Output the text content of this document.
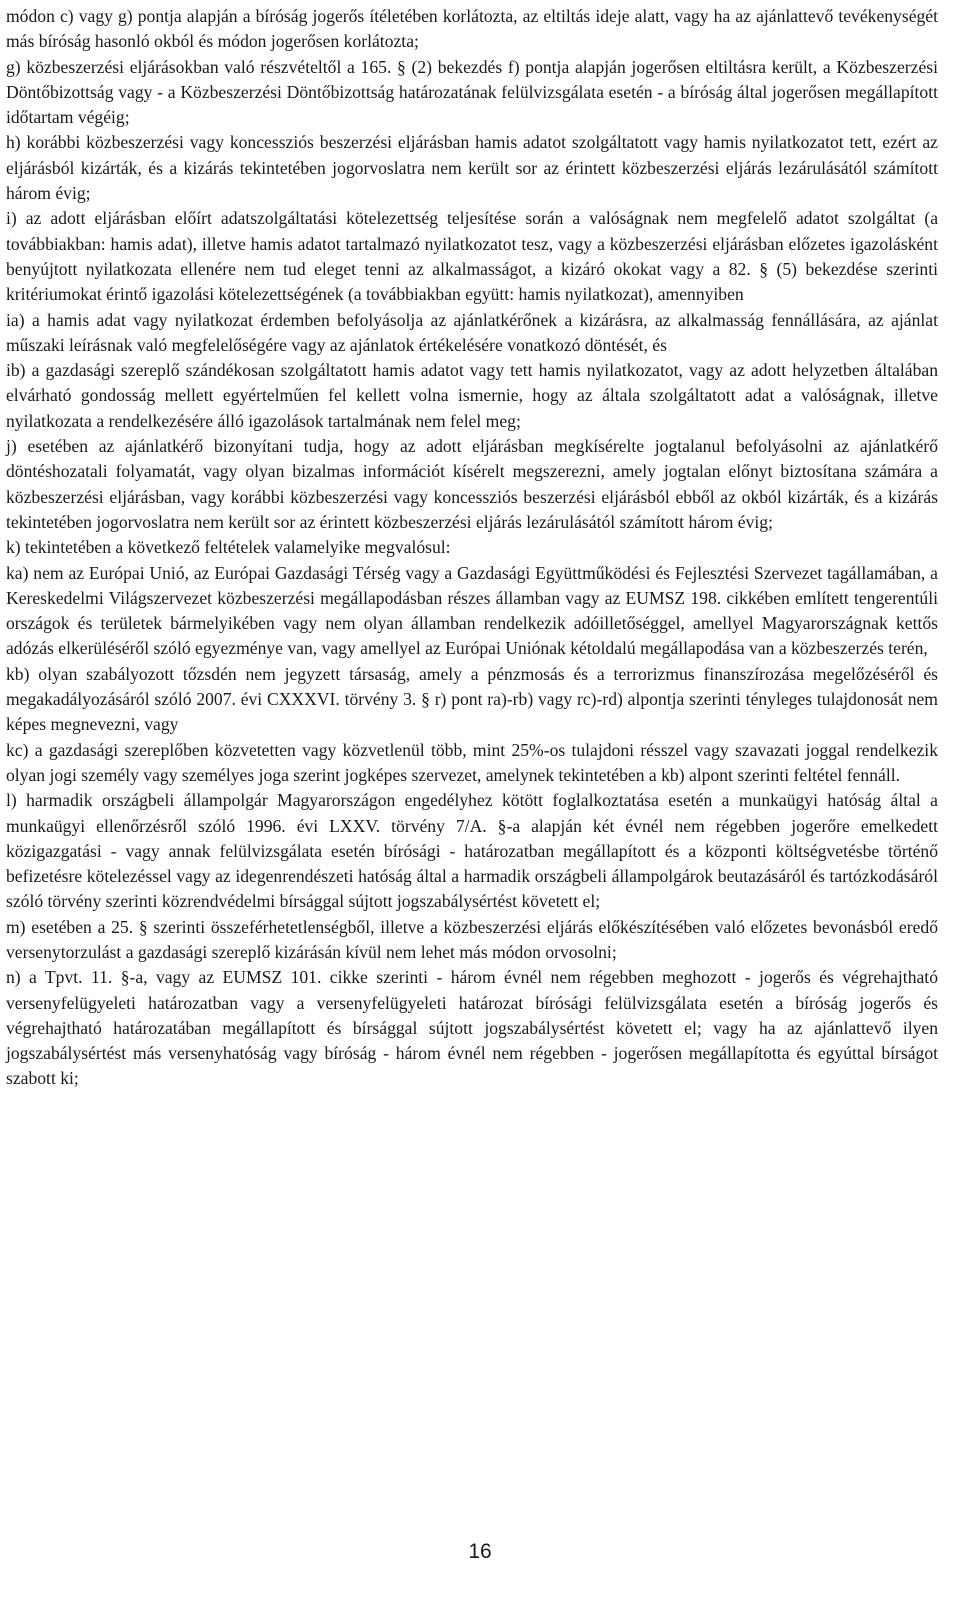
módon c) vagy g) pontja alapján a bíróság jogerős ítéletében korlátozta, az eltiltás ideje alatt, vagy ha az ajánlattevő tevékenységét más bíróság hasonló okból és módon jogerősen korlátozta;

g) közbeszerzési eljárásokban való részvételtől a 165. § (2) bekezdés f) pontja alapján jogerősen eltiltásra került, a Közbeszerzési Döntőbizottság vagy - a Közbeszerzési Döntőbizottság határozatának felülvizsgálata esetén - a bíróság által jogerősen megállapított időtartam végéig;

h) korábbi közbeszerzési vagy koncessziós beszerzési eljárásban hamis adatot szolgáltatott vagy hamis nyilatkozatot tett, ezért az eljárásból kizárták, és a kizárás tekintetében jogorvoslatra nem került sor az érintett közbeszerzési eljárás lezárulásától számított három évig;

i) az adott eljárásban előírt adatszolgáltatási kötelezettség teljesítése során a valóságnak nem megfelelő adatot szolgáltat (a továbbiakban: hamis adat), illetve hamis adatot tartalmazó nyilatkozatot tesz, vagy a közbeszerzési eljárásban előzetes igazolásként benyújtott nyilatkozata ellenére nem tud eleget tenni az alkalmasságot, a kizáró okokat vagy a 82. § (5) bekezdése szerinti kritériumokat érintő igazolási kötelezettségének (a továbbiakban együtt: hamis nyilatkozat), amennyiben

ia) a hamis adat vagy nyilatkozat érdemben befolyásolja az ajánlatkérőnek a kizárásra, az alkalmasság fennállására, az ajánlat műszaki leírásnak való megfelelőségére vagy az ajánlatok értékelésére vonatkozó döntését, és

ib) a gazdasági szereplő szándékosan szolgáltatott hamis adatot vagy tett hamis nyilatkozatot, vagy az adott helyzetben általában elvárható gondosság mellett egyértelműen fel kellett volna ismernie, hogy az általa szolgáltatott adat a valóságnak, illetve nyilatkozata a rendelkezésére álló igazolások tartalmának nem felel meg;

j) esetében az ajánlatkérő bizonyítani tudja, hogy az adott eljárásban megkísérelte jogtalanul befolyásolni az ajánlatkérő döntéshozatali folyamatát, vagy olyan bizalmas információt kísérelt megszerezni, amely jogtalan előnyt biztosítana számára a közbeszerzési eljárásban, vagy korábbi közbeszerzési vagy koncessziós beszerzési eljárásból ebből az okból kizárták, és a kizárás tekintetében jogorvoslatra nem került sor az érintett közbeszerzési eljárás lezárulásától számított három évig;

k) tekintetében a következő feltételek valamelyike megvalósul:

ka) nem az Európai Unió, az Európai Gazdasági Térség vagy a Gazdasági Együttműködési és Fejlesztési Szervezet tagállamában, a Kereskedelmi Világszervezet közbeszerzési megállapodásban részes államban vagy az EUMSZ 198. cikkében említett tengerentúli országok és területek bármelyikében vagy nem olyan államban rendelkezik adóilletőséggel, amellyel Magyarországnak kettős adózás elkerüléséről szóló egyezménye van, vagy amellyel az Európai Uniónak kétoldalú megállapodása van a közbeszerzés terén,

kb) olyan szabályozott tőzsdén nem jegyzett társaság, amely a pénzmosás és a terrorizmus finanszírozása megelőzéséről és megakadályozásáról szóló 2007. évi CXXXVI. törvény 3. § r) pont ra)-rb) vagy rc)-rd) alpontja szerinti tényleges tulajdonosát nem képes megnevezni, vagy

kc) a gazdasági szereplőben közvetetten vagy közvetlenül több, mint 25%-os tulajdoni résszel vagy szavazati joggal rendelkezik olyan jogi személy vagy személyes joga szerint jogképes szervezet, amelynek tekintetében a kb) alpont szerinti feltétel fennáll.

l) harmadik országbeli állampolgár Magyarországon engedélyhez kötött foglalkoztatása esetén a munkaügyi hatóság által a munkaügyi ellenőrzésről szóló 1996. évi LXXV. törvény 7/A. §-a alapján két évnél nem régebben jogerőre emelkedett közigazgatási - vagy annak felülvizsgálata esetén bírósági - határozatban megállapított és a központi költségvetésbe történő befizetésre kötelezéssel vagy az idegenrendészeti hatóság által a harmadik országbeli állampolgárok beutazásáról és tartózkodásáról szóló törvény szerinti közrendvédelmi bírsággal sújtott jogszabálysértést követett el;

m) esetében a 25. § szerinti összeférhetetlenségből, illetve a közbeszerzési eljárás előkészítésében való előzetes bevonásból eredő versenytorzulást a gazdasági szereplő kizárásán kívül nem lehet más módon orvosolni;

n) a Tpvt. 11. §-a, vagy az EUMSZ 101. cikke szerinti - három évnél nem régebben meghozott - jogerős és végrehajtható versenyfelügyeleti határozatban vagy a versenyfelügyeleti határozat bírósági felülvizsgálata esetén a bíróság jogerős és végrehajtható határozatában megállapított és bírsággal sújtott jogszabálysértést követett el; vagy ha az ajánlattevő ilyen jogszabálysértést más versenyhatóság vagy bíróság - három évnél nem régebben - jogerősen megállapította és egyúttal bírságot szabott ki;

16
